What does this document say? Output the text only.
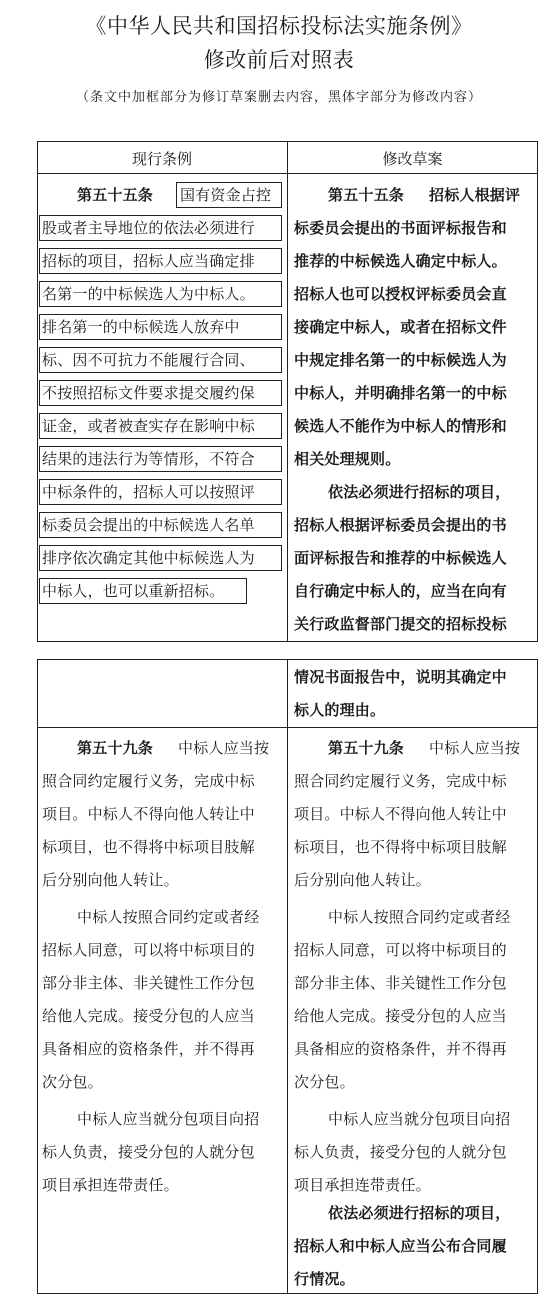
《中华人民共和国招标投标法实施条例》
修改前后对照表
（条文中加框部分为修订草案删去内容，黑体字部分为修改内容）
现行条例	修改草案
第五十五条 国有资金占控
股或者主导地位的依法必须进行
招标的项目，招标人应当确定排
名第一的中标候选人为中标人。
排名第一的中标候选人放弃中
标、因不可抗力不能履行合同、
不按照招标文件要求提交履约保
证金，或者被查实存在影响中标
结果的违法行为等情形，不符合
中标条件的，招标人可以按照评
标委员会提出的中标候选人名单
排序依次确定其他中标候选人为
中标人，也可以重新招标。
第五十五条 招标人根据评
标委员会提出的书面评标报告和
推荐的中标候选人确定中标人。
招标人也可以授权评标委员会直
接确定中标人，或者在招标文件
中规定排名第一的中标候选人为
中标人，并明确排名第一的中标
候选人不能作为中标人的情形和
相关处理规则。
依法必须进行招标的项目，
招标人根据评标委员会提出的书
面评标报告和推荐的中标候选人
自行确定中标人的，应当在向有
关行政监督部门提交的招标投标
情况书面报告中，说明其确定中
标人的理由。
第五十九条 中标人应当按
照合同约定履行义务，完成中标
项目。中标人不得向他人转让中
标项目，也不得将中标项目肢解
后分别向他人转让。
中标人按照合同约定或者经
招标人同意，可以将中标项目的
部分非主体、非关键性工作分包
给他人完成。接受分包的人应当
具备相应的资格条件，并不得再
次分包。
中标人应当就分包项目向招
标人负责，接受分包的人就分包
项目承担连带责任。
第五十九条 中标人应当按
照合同约定履行义务，完成中标
项目。中标人不得向他人转让中
标项目，也不得将中标项目肢解
后分别向他人转让。
中标人按照合同约定或者经
招标人同意，可以将中标项目的
部分非主体、非关键性工作分包
给他人完成。接受分包的人应当
具备相应的资格条件，并不得再
次分包。
中标人应当就分包项目向招
标人负责，接受分包的人就分包
项目承担连带责任。
依法必须进行招标的项目，
招标人和中标人应当公布合同履
行情况。
